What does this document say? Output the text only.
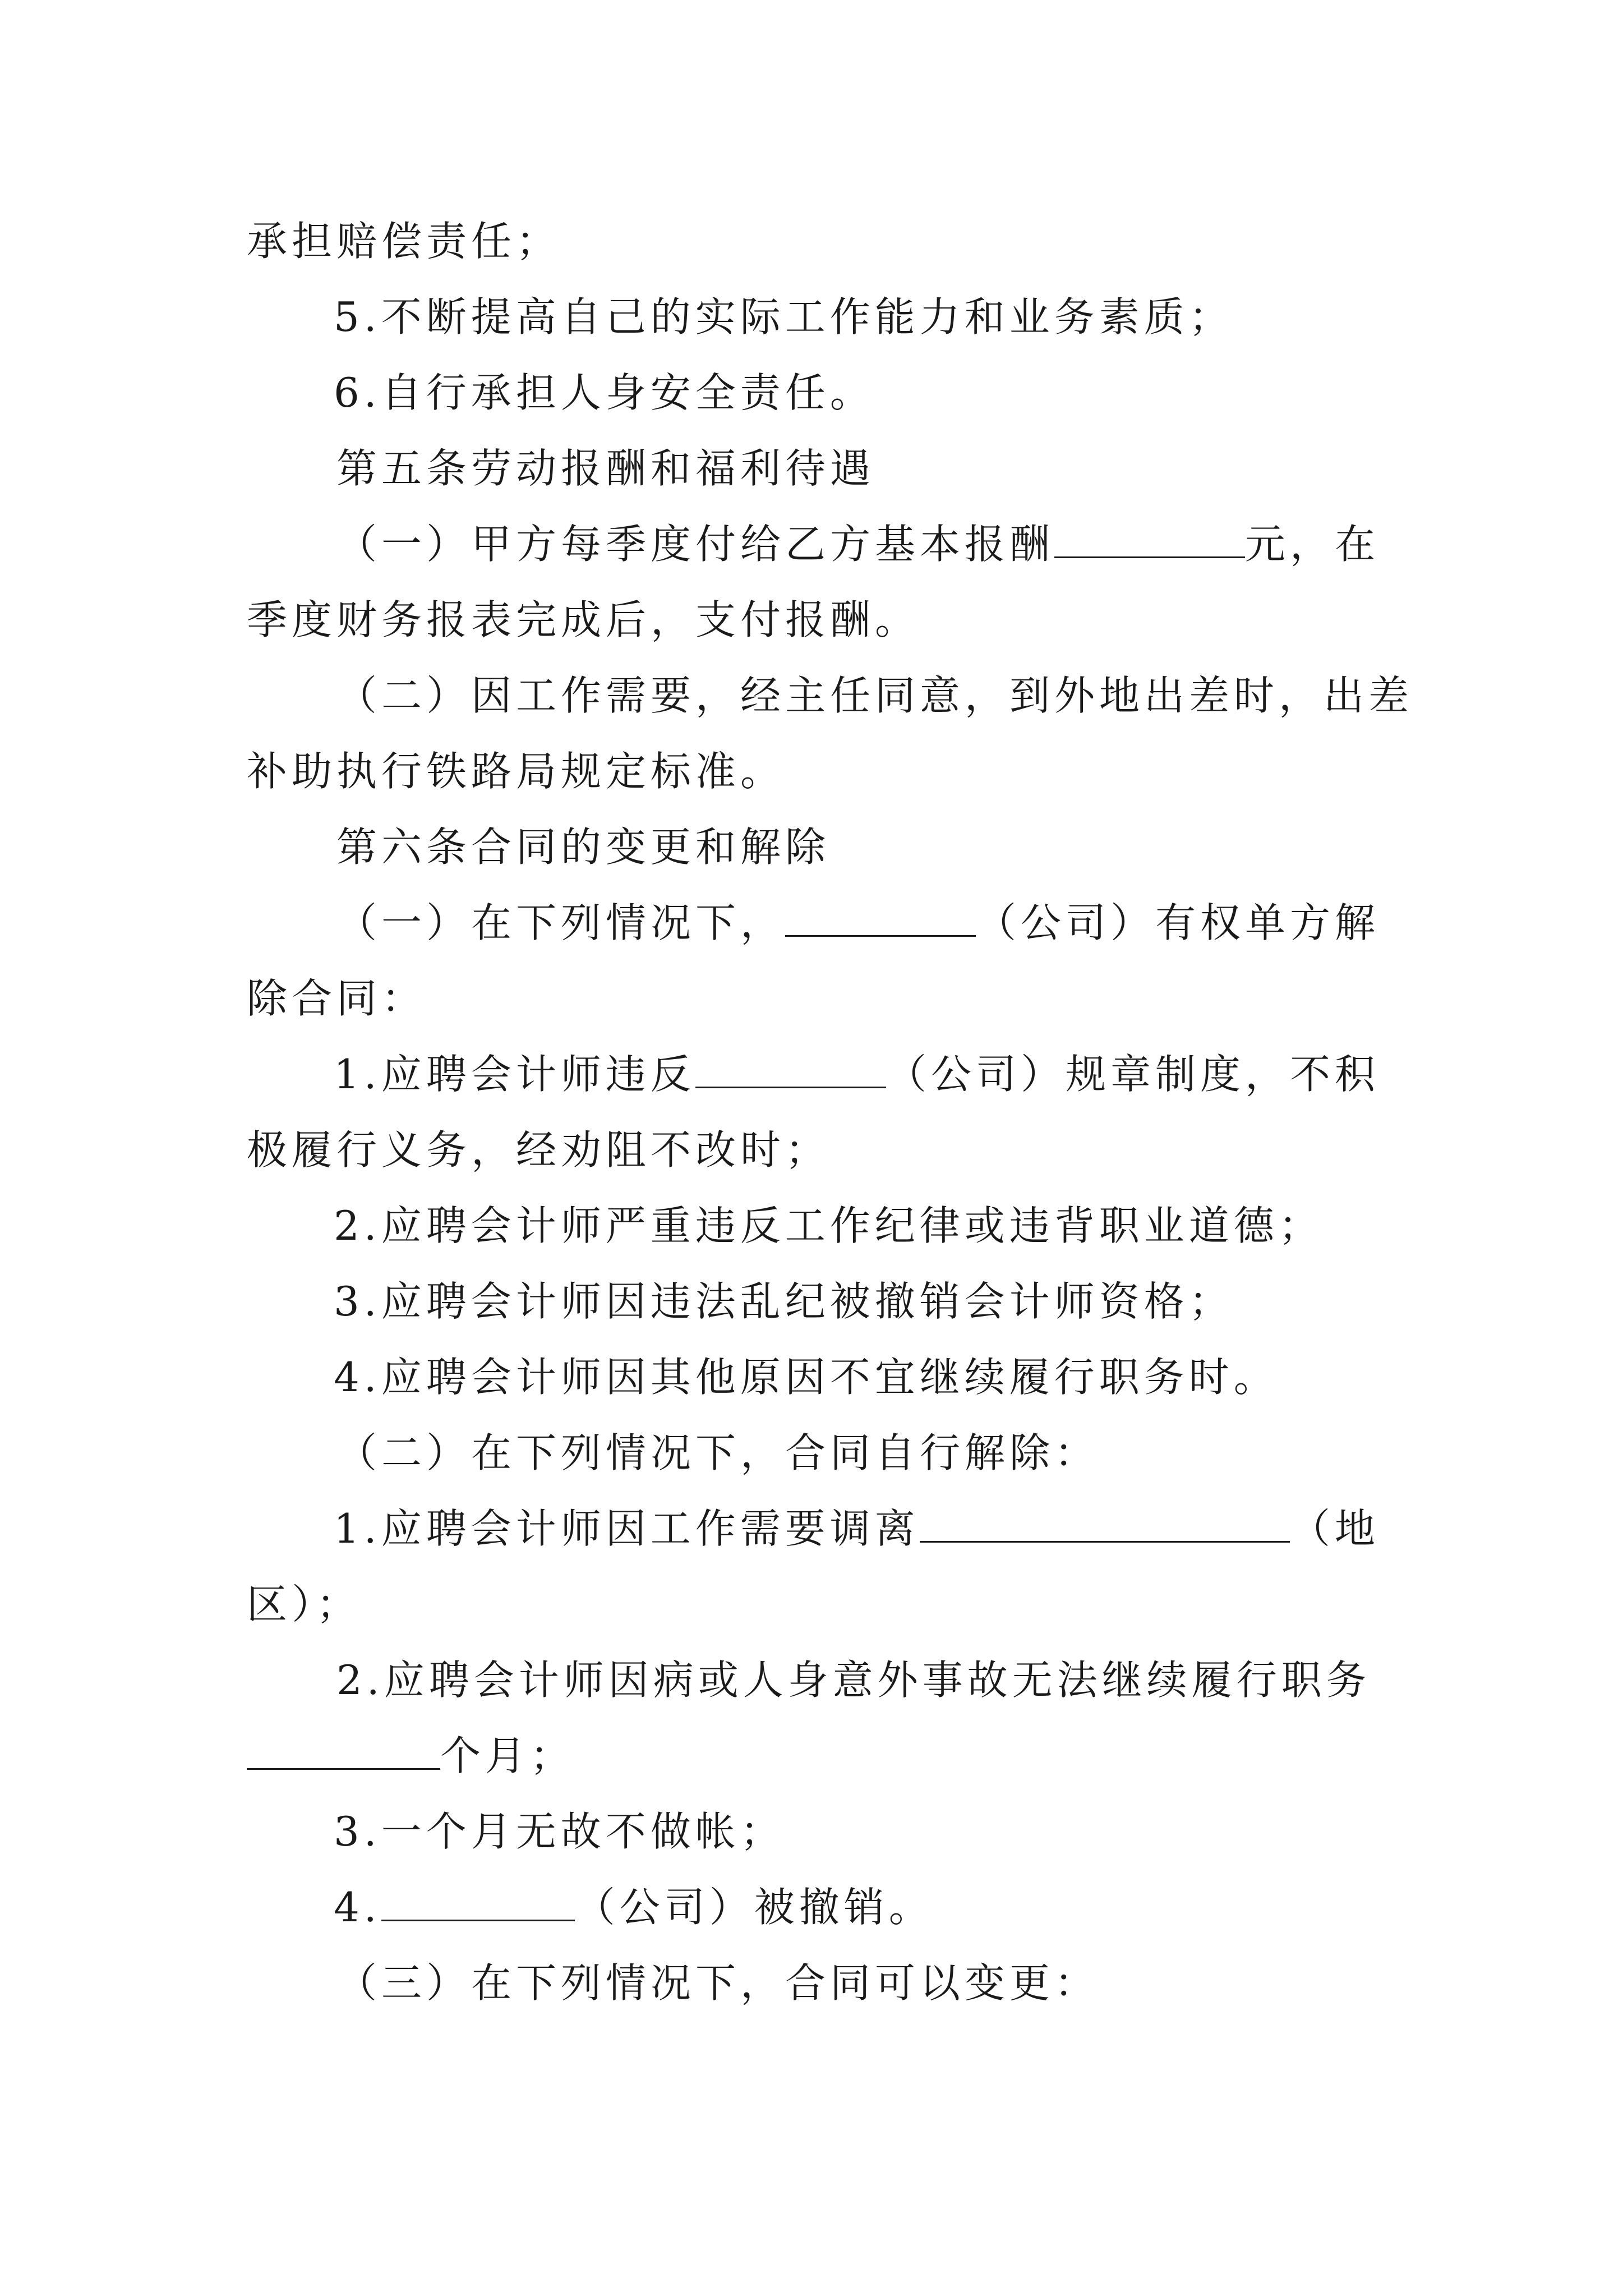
承担赔偿责任；
5.不断提高自己的实际工作能力和业务素质；
6.自行承担人身安全责任。
第五条劳动报酬和福利待遇
（一）甲方每季度付给乙方基本报酬	元，在
季度财务报表完成后，支付报酬。
（二）因工作需要，经主任同意，到外地出差时，出差
补助执行铁路局规定标准。
第六条合同的变更和解除
（一）在下列情况下，	（公司）有权单方解
除合同：
1.应聘会计师违反	（公司）规章制度，不积
极履行义务，经劝阻不改时；
2.应聘会计师严重违反工作纪律或违背职业道德；
3.应聘会计师因违法乱纪被撤销会计师资格；
4.应聘会计师因其他原因不宜继续履行职务时。
（二）在下列情况下，合同自行解除：
1.应聘会计师因工作需要调离	（地
区）；
2.应聘会计师因病或人身意外事故无法继续履行职务
个月；
3.一个月无故不做帐；
4.	（公司）被撤销。
（三）在下列情况下，合同可以变更：
